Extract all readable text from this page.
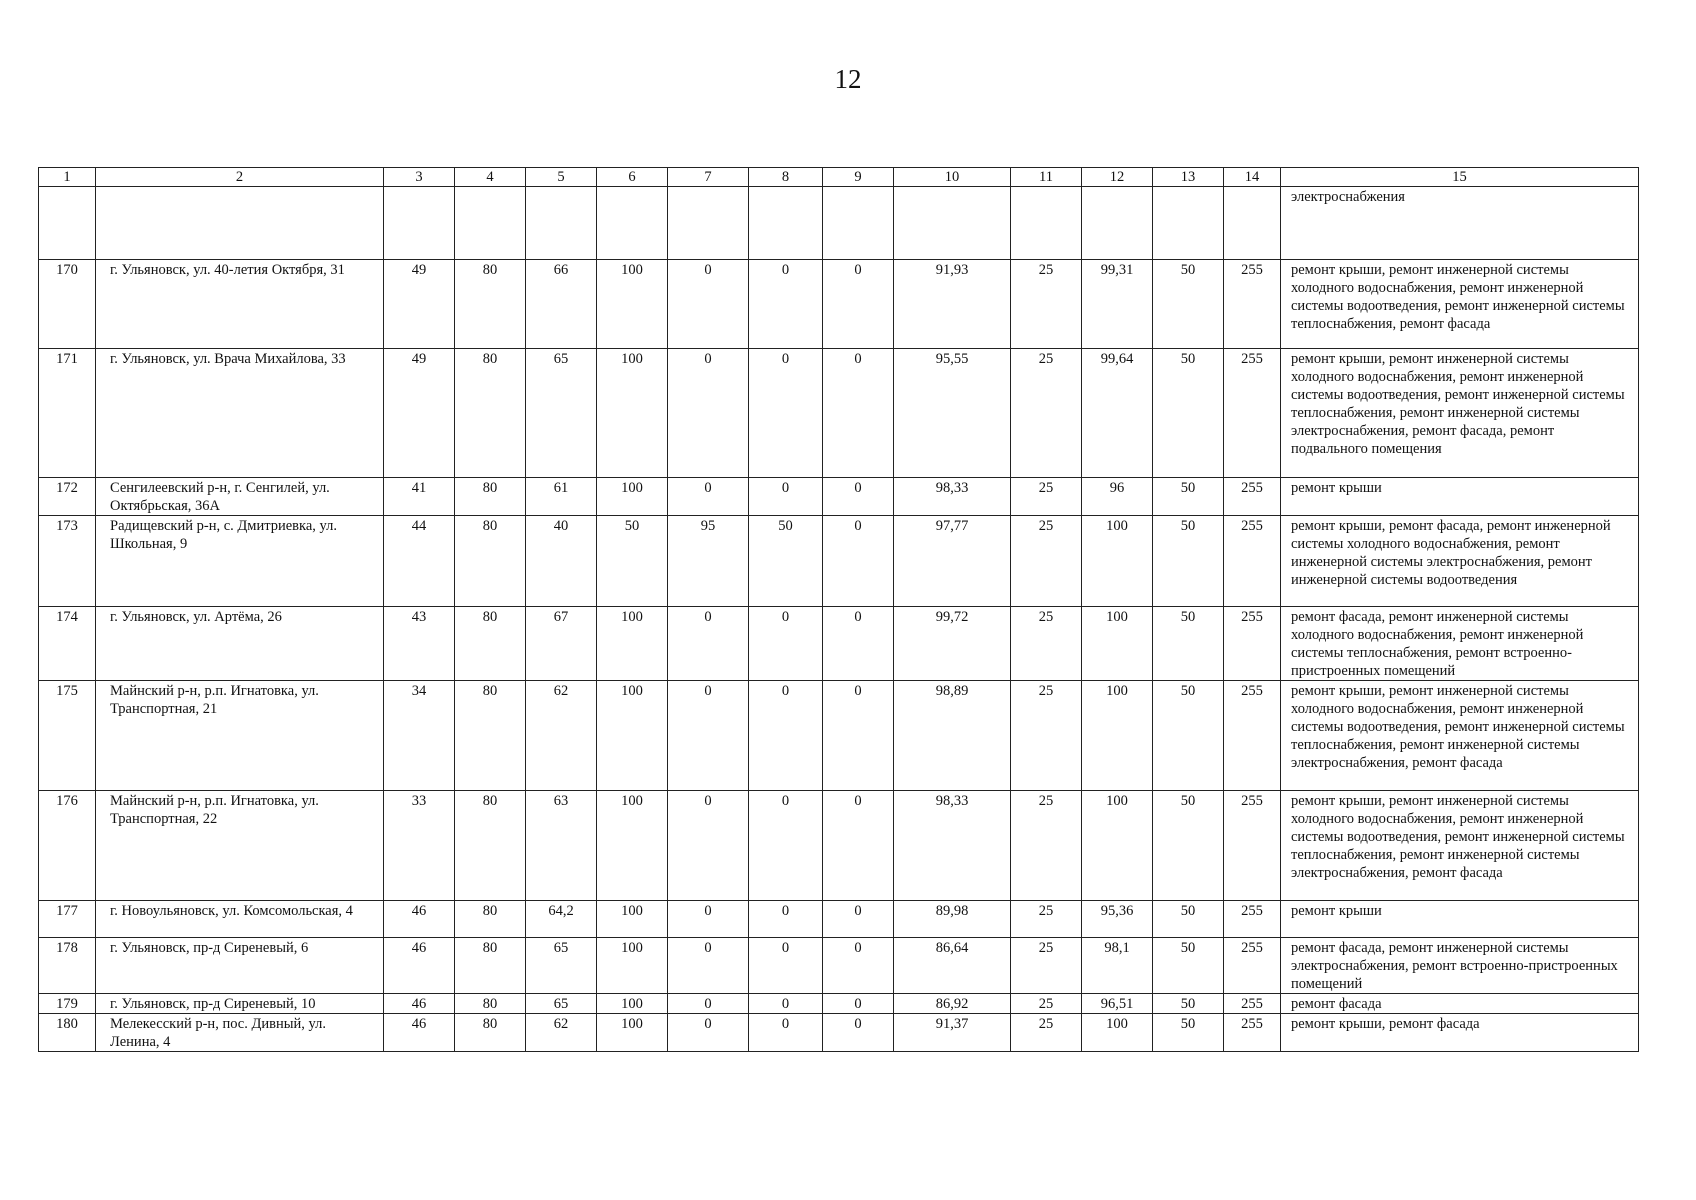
12
1	2	3	4	5	6	7	8	9	10	11	12	13	14	15
														электроснабжения
170	г. Ульяновск, ул. 40-летия Октября, 31	49	80	66	100	0	0	0	91,93	25	99,31	50	255	ремонт крыши, ремонт инженерной системы холодного водоснабжения, ремонт инженерной системы водоотведения, ремонт инженерной системы теплоснабжения, ремонт фасада
171	г. Ульяновск, ул. Врача Михайлова, 33	49	80	65	100	0	0	0	95,55	25	99,64	50	255	ремонт крыши, ремонт инженерной системы холодного водоснабжения, ремонт инженерной системы водоотведения, ремонт инженерной системы теплоснабжения, ремонт инженерной системы электроснабжения, ремонт фасада, ремонт подвального помещения
172	Сенгилеевский р-н, г. Сенгилей, ул. Октябрьская, 36А	41	80	61	100	0	0	0	98,33	25	96	50	255	ремонт крыши
173	Радищевский р-н, с. Дмитриевка, ул. Школьная, 9	44	80	40	50	95	50	0	97,77	25	100	50	255	ремонт крыши, ремонт фасада, ремонт инженерной системы холодного водоснабжения, ремонт инженерной системы электроснабжения, ремонт инженерной системы водоотведения
174	г. Ульяновск, ул. Артёма, 26	43	80	67	100	0	0	0	99,72	25	100	50	255	ремонт фасада, ремонт инженерной системы холодного водоснабжения, ремонт инженерной системы теплоснабжения, ремонт встроенно-пристроенных помещений
175	Майнский р-н, р.п. Игнатовка, ул. Транспортная, 21	34	80	62	100	0	0	0	98,89	25	100	50	255	ремонт крыши, ремонт инженерной системы холодного водоснабжения, ремонт инженерной системы водоотведения, ремонт инженерной системы теплоснабжения, ремонт инженерной системы электроснабжения, ремонт фасада
176	Майнский р-н, р.п. Игнатовка, ул. Транспортная, 22	33	80	63	100	0	0	0	98,33	25	100	50	255	ремонт крыши, ремонт инженерной системы холодного водоснабжения, ремонт инженерной системы водоотведения, ремонт инженерной системы теплоснабжения, ремонт инженерной системы электроснабжения, ремонт фасада
177	г. Новоульяновск, ул. Комсомольская, 4	46	80	64,2	100	0	0	0	89,98	25	95,36	50	255	ремонт крыши
178	г. Ульяновск, пр-д Сиреневый, 6	46	80	65	100	0	0	0	86,64	25	98,1	50	255	ремонт фасада, ремонт инженерной системы электроснабжения, ремонт встроенно-пристроенных помещений
179	г. Ульяновск, пр-д Сиреневый, 10	46	80	65	100	0	0	0	86,92	25	96,51	50	255	ремонт фасада
180	Мелекесский р-н, пос. Дивный, ул. Ленина, 4	46	80	62	100	0	0	0	91,37	25	100	50	255	ремонт крыши, ремонт фасада
